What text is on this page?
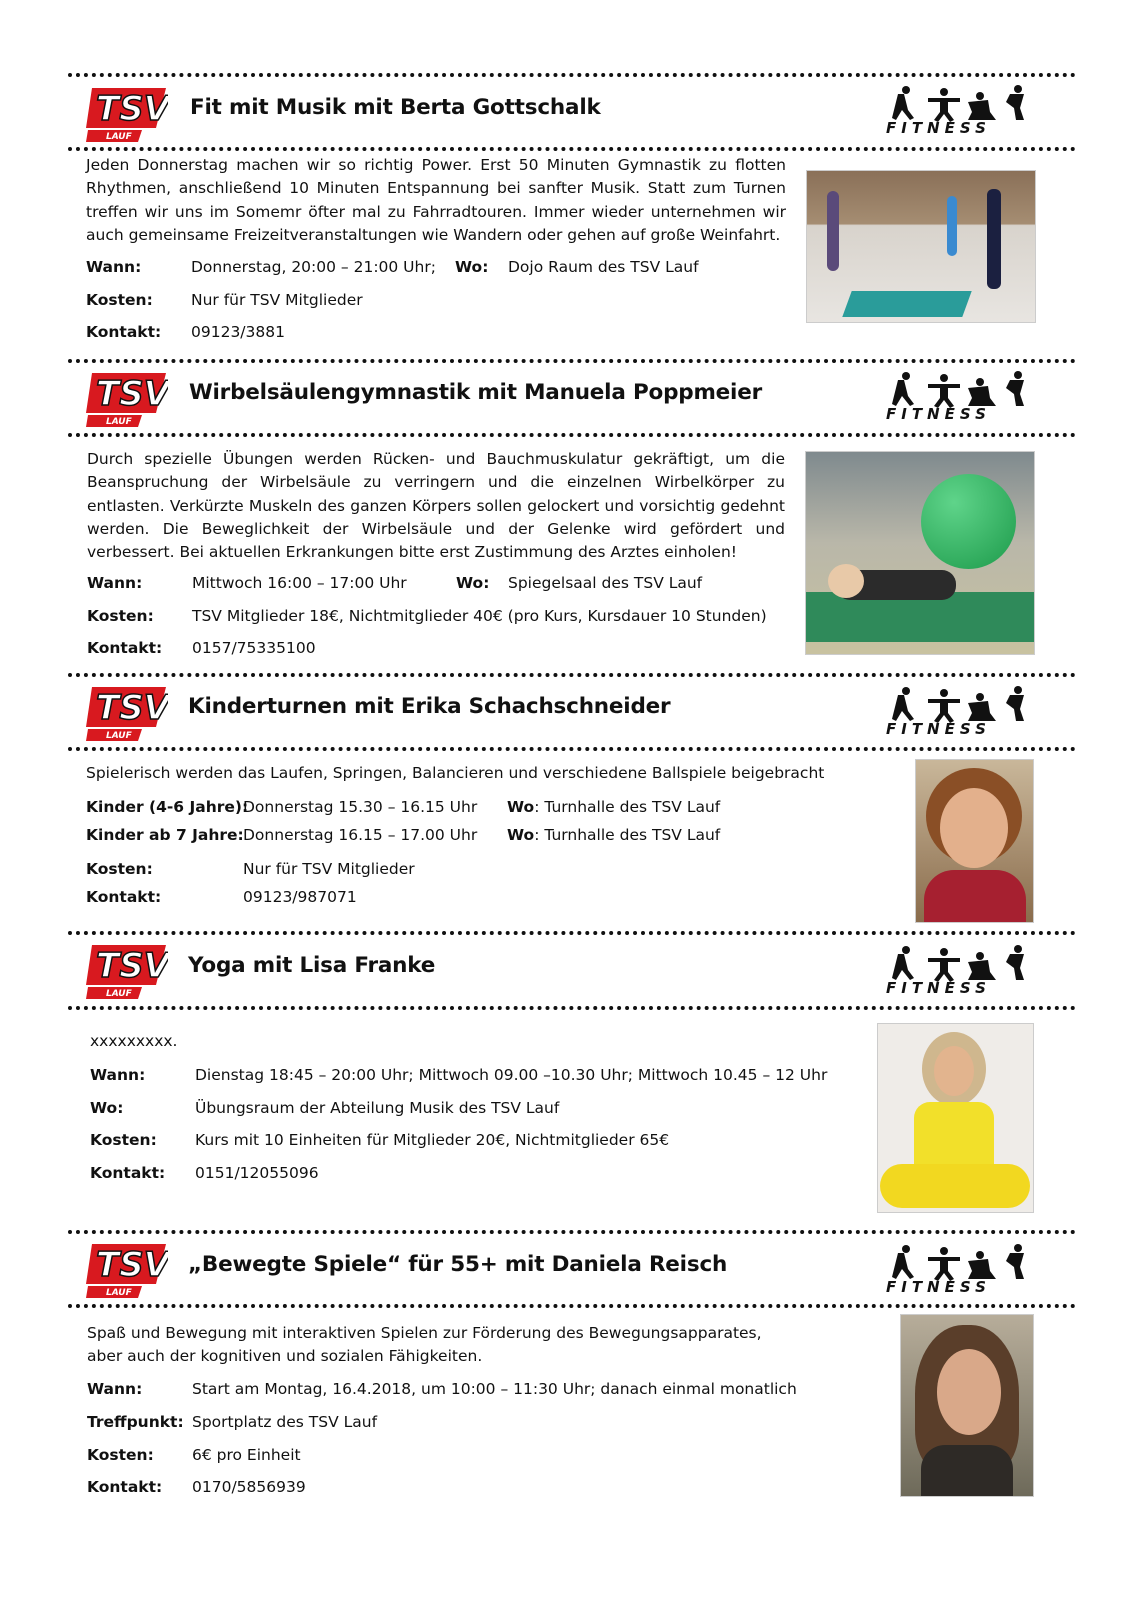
Fit mit Musik mit Berta Gottschalk
Jeden Donnerstag machen wir so richtig Power. Erst 50 Minuten Gymnastik zu flotten Rhythmen, anschließend 10 Minuten Entspannung bei sanfter Musik. Statt zum Turnen treffen wir uns im Somemr öfter mal zu Fahrradtouren. Immer wieder unternehmen wir auch gemeinsame Freizeitveranstaltungen wie Wandern oder gehen auf große Weinfahrt.
Wann:	Donnerstag, 20:00 – 21:00 Uhr; Wo: Dojo Raum des TSV Lauf
Kosten: Nur für TSV Mitglieder
Kontakt: 09123/3881
Wirbelsäulengymnastik mit Manuela Poppmeier
Durch spezielle Übungen werden Rücken- und Bauchmuskulatur gekräftigt, um die Beanspruchung der Wirbelsäule zu verringern und die einzelnen Wirbelkörper zu entlasten. Verkürzte Muskeln des ganzen Körpers sollen gelockert und vorsichtig gedehnt werden. Die Beweglichkeit der Wirbelsäule und der Gelenke wird gefördert und verbessert. Bei aktuellen Erkrankungen bitte erst Zustimmung des Arztes einholen!
Wann:	Mittwoch 16:00 – 17:00 Uhr	Wo: Spiegelsaal des TSV Lauf
Kosten: TSV Mitglieder 18€, Nichtmitglieder 40€ (pro Kurs, Kursdauer 10 Stunden)
Kontakt: 0157/75335100
Kinderturnen mit Erika Schachschneider
Spielerisch werden das Laufen, Springen, Balancieren und verschiedene Ballspiele beigebracht
Kinder (4-6 Jahre):
Donnerstag 15.30 – 16.15 Uhr Wo: Turnhalle des TSV Lauf
Kinder ab 7 Jahre: Donnerstag 16.15 – 17.00 Uhr Wo: Turnhalle des TSV Lauf
Kosten:	Nur für TSV Mitglieder
Kontakt:	09123/987071
Yoga mit Lisa Franke
xxxxxxxxx.
Wann:	Dienstag 18:45 – 20:00 Uhr; Mittwoch 09.00 –10.30 Uhr; Mittwoch 10.45 – 12 Uhr
Wo:	Übungsraum der Abteilung Musik des TSV Lauf
Kosten: Kurs mit 10 Einheiten für Mitglieder 20€, Nichtmitglieder 65€
Kontakt: 0151/12055096
„Bewegte Spiele“ für 55+ mit Daniela Reisch
Spaß und Bewegung mit interaktiven Spielen zur Förderung des Bewegungsapparates, aber auch der kognitiven und sozialen Fähigkeiten.
Wann:	Start am Montag, 16.4.2018, um 10:00 – 11:30 Uhr; danach einmal monatlich
Treffpunkt: Sportplatz des TSV Lauf
Kosten: 6€ pro Einheit
Kontakt: 0170/5856939
